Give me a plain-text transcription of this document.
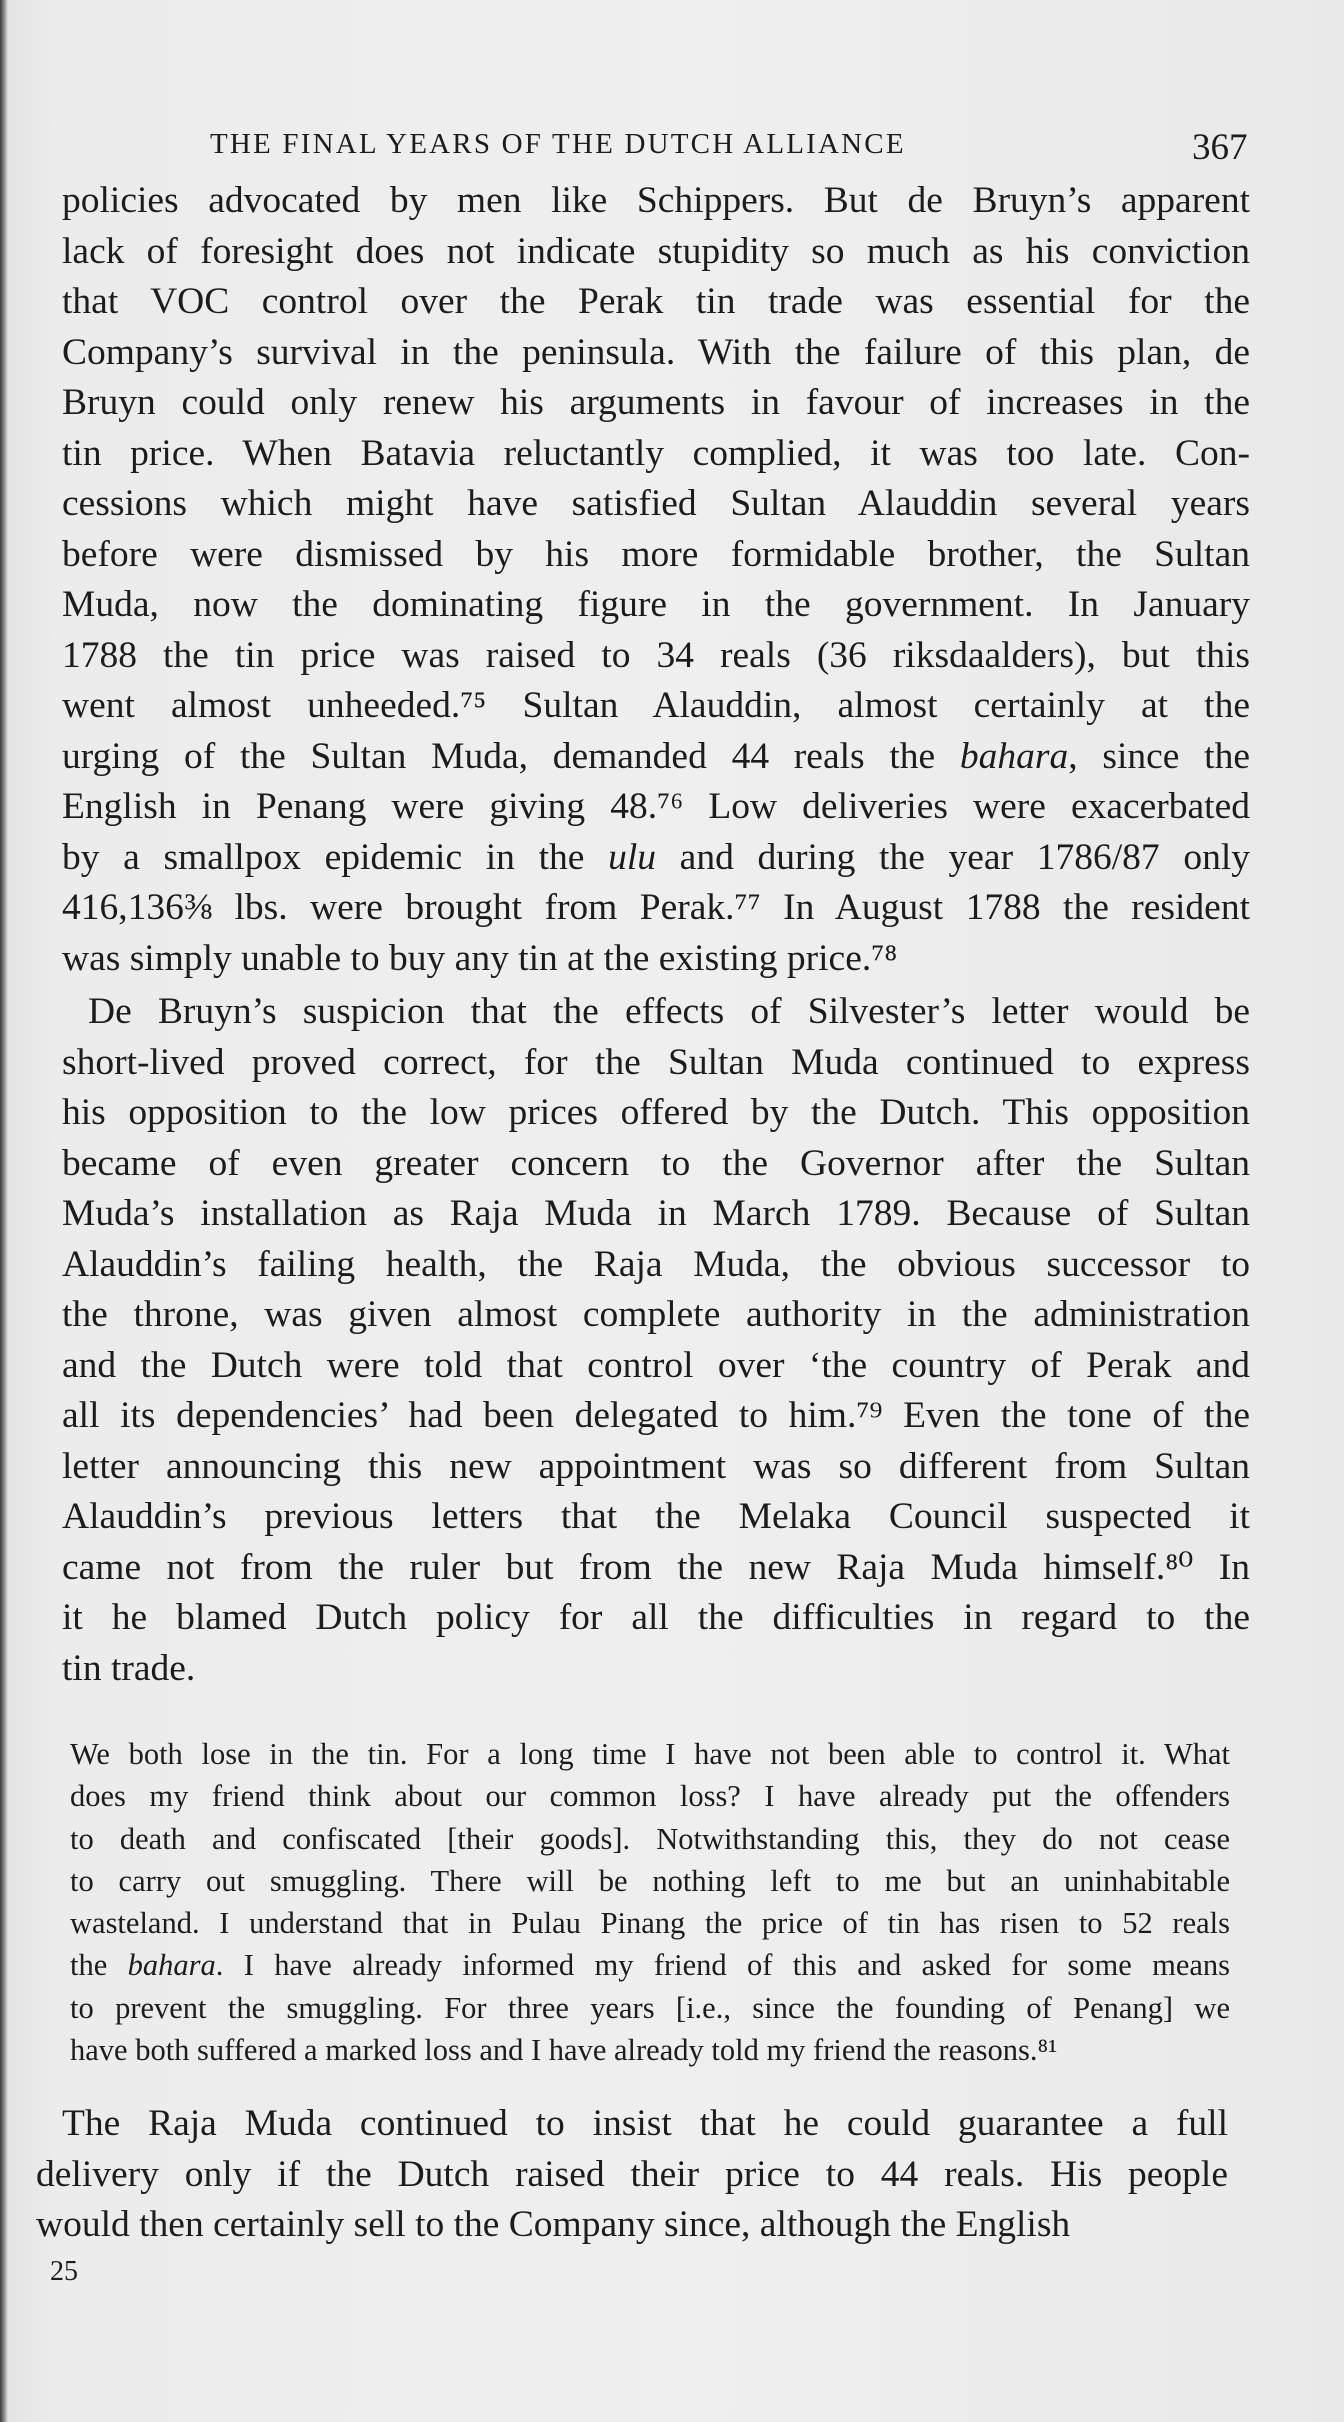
THE FINAL YEARS OF THE DUTCH ALLIANCE	367
policies advocated by men like Schippers. But de Bruyn’s apparent
lack of foresight does not indicate stupidity so much as his conviction
that VOC control over the Perak tin trade was essential for the
Company’s survival in the peninsula. With the failure of this plan, de
Bruyn could only renew his arguments in favour of increases in the
tin price. When Batavia reluctantly complied, it was too late. Con-
cessions which might have satisfied Sultan Alauddin several years
before were dismissed by his more formidable brother, the Sultan
Muda, now the dominating figure in the government. In January
1788 the tin price was raised to 34 reals (36 riksdaalders), but this
went almost unheeded.⁷⁵ Sultan Alauddin, almost certainly at the
urging of the Sultan Muda, demanded 44 reals the bahara, since the
English in Penang were giving 48.⁷⁶ Low deliveries were exacerbated
by a smallpox epidemic in the ulu and during the year 1786/87 only
416,136⅜ lbs. were brought from Perak.⁷⁷ In August 1788 the resident
was simply unable to buy any tin at the existing price.⁷⁸
De Bruyn’s suspicion that the effects of Silvester’s letter would be
short-lived proved correct, for the Sultan Muda continued to express
his opposition to the low prices offered by the Dutch. This opposition
became of even greater concern to the Governor after the Sultan
Muda’s installation as Raja Muda in March 1789. Because of Sultan
Alauddin’s failing health, the Raja Muda, the obvious successor to
the throne, was given almost complete authority in the administration
and the Dutch were told that control over ‘the country of Perak and
all its dependencies’ had been delegated to him.⁷⁹ Even the tone of the
letter announcing this new appointment was so different from Sultan
Alauddin’s previous letters that the Melaka Council suspected it
came not from the ruler but from the new Raja Muda himself.⁸⁰ In
it he blamed Dutch policy for all the difficulties in regard to the
tin trade.
We both lose in the tin. For a long time I have not been able to control it. What
does my friend think about our common loss? I have already put the offenders
to death and confiscated [their goods]. Notwithstanding this, they do not cease
to carry out smuggling. There will be nothing left to me but an uninhabitable
wasteland. I understand that in Pulau Pinang the price of tin has risen to 52 reals
the bahara. I have already informed my friend of this and asked for some means
to prevent the smuggling. For three years [i.e., since the founding of Penang] we
have both suffered a marked loss and I have already told my friend the reasons.⁸¹
The Raja Muda continued to insist that he could guarantee a full
delivery only if the Dutch raised their price to 44 reals. His people
would then certainly sell to the Company since, although the English
25
